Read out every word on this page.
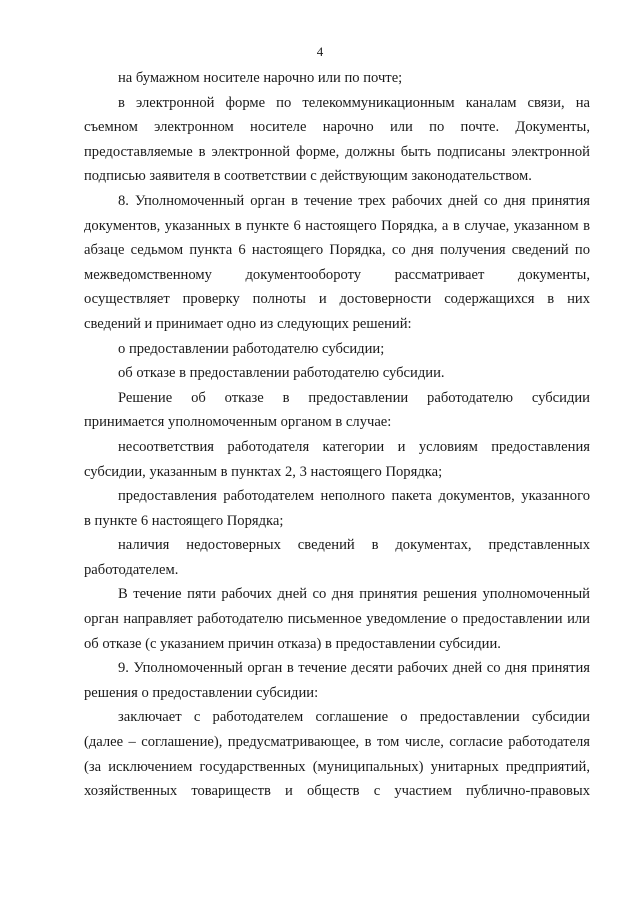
4
на бумажном носителе нарочно или по почте;
в электронной форме по телекоммуникационным каналам связи, на
съемном электронном носителе нарочно или по почте. Документы,
предоставляемые в электронной форме, должны быть подписаны электронной
подписью заявителя в соответствии с действующим законодательством.
8. Уполномоченный орган в течение трех рабочих дней со дня принятия
документов, указанных в пункте 6 настоящего Порядка, а в случае, указанном в
абзаце седьмом пункта 6 настоящего Порядка, со дня получения сведений по
межведомственному документообороту рассматривает документы,
осуществляет проверку полноты и достоверности содержащихся в них
сведений и принимает одно из следующих решений:
о предоставлении работодателю субсидии;
об отказе в предоставлении работодателю субсидии.
Решение об отказе в предоставлении работодателю субсидии
принимается уполномоченным органом в случае:
несоответствия работодателя категории и условиям предоставления
субсидии, указанным в пунктах 2, 3 настоящего Порядка;
предоставления работодателем неполного пакета документов, указанного
в пункте 6 настоящего Порядка;
наличия недостоверных сведений в документах, представленных
работодателем.
В течение пяти рабочих дней со дня принятия решения уполномоченный
орган направляет работодателю письменное уведомление о предоставлении или
об отказе (с указанием причин отказа) в предоставлении субсидии.
9. Уполномоченный орган в течение десяти рабочих дней со дня принятия
решения о предоставлении субсидии:
заключает с работодателем соглашение о предоставлении субсидии
(далее – соглашение), предусматривающее, в том числе, согласие работодателя
(за исключением государственных (муниципальных) унитарных предприятий,
хозяйственных товариществ и обществ с участием публично-правовых
